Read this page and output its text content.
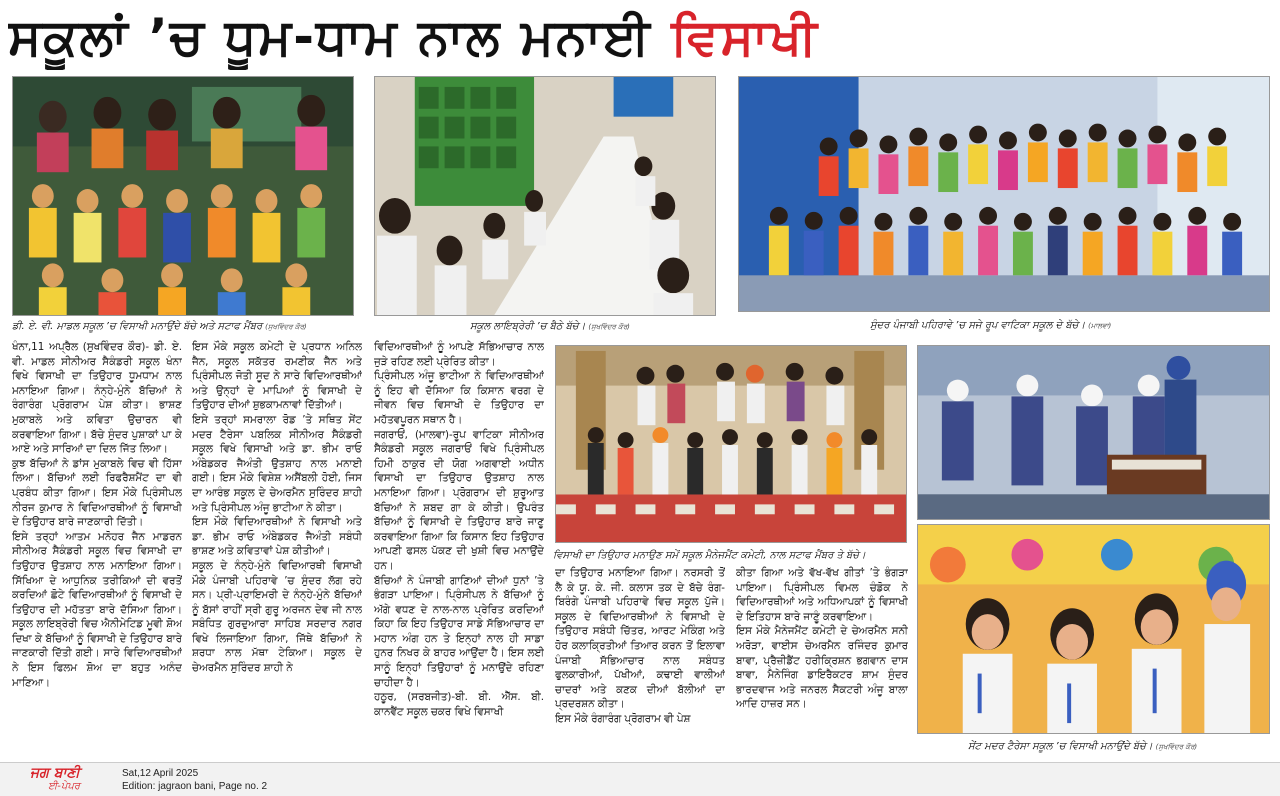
ਸਕੂਲਾਂ ’ਚ ਧੂਮ-ਧਾਮ ਨਾਲ ਮਨਾਈ ਵਿਸਾਖੀ
ਡੀ. ਏ. ਵੀ. ਮਾਡਲ ਸਕੂਲ ’ਚ ਵਿਸਾਖੀ ਮਨਾਉਂਦੇ ਬੱਚੇ ਅਤੇ ਸਟਾਫ ਮੈਂਬਰ (ਸੁਖਵਿੰਦਰ ਕੌਰ)	ਸਕੂਲ ਲਾਇਬ੍ਰੇਰੀ ’ਚ ਬੈਠੇ ਬੱਚੇ। (ਸੁਖਵਿੰਦਰ ਕੌਰ)	ਸੁੰਦਰ ਪੰਜਾਬੀ ਪਹਿਰਾਵੇ ’ਚ ਸਜੇ ਰੂਪ ਵਾਟਿਕਾ ਸਕੂਲ ਦੇ ਬੱਚੇ। (ਮਾਲਵਾ)
ਵਿਸਾਖੀ ਦਾ ਤਿਉਹਾਰ ਮਨਾਉਣ ਸਮੇਂ ਸਕੂਲ ਮੈਨੇਜਮੈਂਟ ਕਮੇਟੀ, ਨਾਲ ਸਟਾਫ ਮੈਂਬਰ ਤੇ ਬੱਚੇ।
ਸੇਂਟ ਮਦਰ ਟੈਰੇਸਾ ਸਕੂਲ ’ਚ ਵਿਸਾਖੀ ਮਨਾਉਂਦੇ ਬੱਚੇ। (ਸੁਖਵਿੰਦਰ ਕੌਰ)

ਖੰਨਾ,11 ਅਪ੍ਰੈਲ (ਸੁਖਵਿੰਦਰ ਕੌਰ)- ਡੀ. ਏ. ਵੀ. ਮਾਡਲ ਸੀਨੀਅਰ ਸੈਕੰਡਰੀ ਸਕੂਲ ਖੰਨਾ ਵਿਖੇ ਵਿਸਾਖੀ ਦਾ ਤਿਉਹਾਰ ਧੂਮਧਾਮ ਨਾਲ ਮਨਾਇਆ ਗਿਆ। ਨੰਨ੍ਹੇ-ਮੁੰਨੇ ਬੱਚਿਆਂ ਨੇ ਰੰਗਾਰੰਗ ਪ੍ਰੋਗਰਾਮ ਪੇਸ਼ ਕੀਤਾ। ਭਾਸ਼ਣ ਮੁਕਾਬਲੇ ਅਤੇ ਕਵਿਤਾ ਉਚਾਰਨ ਵੀ ਕਰਵਾਇਆ ਗਿਆ। ਬੱਚੇ ਸੁੰਦਰ ਪੁਸ਼ਾਕਾਂ ਪਾ ਕੇ ਆਏ ਅਤੇ ਸਾਰਿਆਂ ਦਾ ਦਿਲ ਜਿੱਤ ਲਿਆ।

ਕੁਝ ਬੱਚਿਆਂ ਨੇ ਡਾਂਸ ਮੁਕਾਬਲੇ ਵਿਚ ਵੀ ਹਿੱਸਾ ਲਿਆ। ਬੱਚਿਆਂ ਲਈ ਰਿਫਰੈਸ਼ਮੈਂਟ ਦਾ ਵੀ ਪ੍ਰਬੰਧ ਕੀਤਾ ਗਿਆ। ਇਸ ਮੌਕੇ ਪ੍ਰਿੰਸੀਪਲ ਨੀਰਜ ਕੁਮਾਰ ਨੇ ਵਿਦਿਆਰਥੀਆਂ ਨੂੰ ਵਿਸਾਖੀ ਦੇ ਤਿਉਹਾਰ ਬਾਰੇ ਜਾਣਕਾਰੀ ਦਿੱਤੀ।

ਇਸੇ ਤਰ੍ਹਾਂ ਆਤਮ ਮਨੋਹਰ ਜੈਨ ਮਾਡਰਨ ਸੀਨੀਅਰ ਸੈਕੰਡਰੀ ਸਕੂਲ ਵਿਚ ਵਿਸਾਖੀ ਦਾ ਤਿਉਹਾਰ ਉਤਸ਼ਾਹ ਨਾਲ ਮਨਾਇਆ ਗਿਆ। ਸਿੱਖਿਆ ਦੇ ਆਧੁਨਿਕ ਤਰੀਕਿਆਂ ਦੀ ਵਰਤੋਂ ਕਰਦਿਆਂ ਛੋਟੇ ਵਿਦਿਆਰਥੀਆਂ ਨੂੰ ਵਿਸਾਖੀ ਦੇ ਤਿਉਹਾਰ ਦੀ ਮਹੱਤਤਾ ਬਾਰੇ ਦੱਸਿਆ ਗਿਆ। ਸਕੂਲ ਲਾਇਬ੍ਰੇਰੀ ਵਿਚ ਐਨੀਮੇਟਿਡ ਮੂਵੀ ਸ਼ੋਅ ਦਿਖਾ ਕੇ ਬੱਚਿਆਂ ਨੂੰ ਵਿਸਾਖੀ ਦੇ ਤਿਉਹਾਰ ਬਾਰੇ ਜਾਣਕਾਰੀ ਦਿੱਤੀ ਗਈ। ਸਾਰੇ ਵਿਦਿਆਰਥੀਆਂ ਨੇ ਇਸ ਫਿਲਮ ਸ਼ੋਅ ਦਾ ਬਹੁਤ ਅਨੰਦ ਮਾਣਿਆ।

ਇਸ ਮੌਕੇ ਸਕੂਲ ਕਮੇਟੀ ਦੇ ਪ੍ਰਧਾਨ ਅਨਿਲ ਜੈਨ, ਸਕੂਲ ਸਕੱਤਰ ਰਮਣੀਕ ਜੈਨ ਅਤੇ ਪ੍ਰਿੰਸੀਪਲ ਜੋਤੀ ਸੂਦ ਨੇ ਸਾਰੇ ਵਿਦਿਆਰਥੀਆਂ ਅਤੇ ਉਨ੍ਹਾਂ ਦੇ ਮਾਪਿਆਂ ਨੂੰ ਵਿਸਾਖੀ ਦੇ ਤਿਉਹਾਰ ਦੀਆਂ ਸ਼ੁਭਕਾਮਨਾਵਾਂ ਦਿੱਤੀਆਂ।

ਇਸੇ ਤਰ੍ਹਾਂ ਸਮਰਾਲਾ ਰੋਡ ’ਤੇ ਸਥਿਤ ਸੇਂਟ ਮਦਰ ਟੈਰੇਸਾ ਪਬਲਿਕ ਸੀਨੀਅਰ ਸੈਕੰਡਰੀ ਸਕੂਲ ਵਿਖੇ ਵਿਸਾਖੀ ਅਤੇ ਡਾ. ਭੀਮ ਰਾਓ ਅੰਬੇਡਕਰ ਜੈਅੰਤੀ ਉਤਸ਼ਾਹ ਨਾਲ ਮਨਾਈ ਗਈ। ਇਸ ਮੌਕੇ ਵਿਸ਼ੇਸ਼ ਅਸੈਂਬਲੀ ਹੋਈ, ਜਿਸ ਦਾ ਆਰੰਭ ਸਕੂਲ ਦੇ ਚੇਅਰਮੈਨ ਸੁਰਿੰਦਰ ਸ਼ਾਹੀ ਅਤੇ ਪ੍ਰਿੰਸੀਪਲ ਅੰਜੂ ਭਾਟੀਆ ਨੇ ਕੀਤਾ।

ਇਸ ਮੌਕੇ ਵਿਦਿਆਰਥੀਆਂ ਨੇ ਵਿਸਾਖੀ ਅਤੇ ਡਾ. ਭੀਮ ਰਾਓ ਅੰਬੇਡਕਰ ਜੈਅੰਤੀ ਸਬੰਧੀ ਭਾਸ਼ਣ ਅਤੇ ਕਵਿਤਾਵਾਂ ਪੇਸ਼ ਕੀਤੀਆਂ।

ਸਕੂਲ ਦੇ ਨੰਨ੍ਹੇ-ਮੁੰਨੇ ਵਿਦਿਆਰਥੀ ਵਿਸਾਖੀ ਮੌਕੇ ਪੰਜਾਬੀ ਪਹਿਰਾਵੇ ’ਚ ਸੁੰਦਰ ਲੱਗ ਰਹੇ ਸਨ। ਪ੍ਰੀ-ਪ੍ਰਾਇਮਰੀ ਦੇ ਨੰਨ੍ਹੇ-ਮੁੰਨੇ ਬੱਚਿਆਂ ਨੂੰ ਬੱਸਾਂ ਰਾਹੀਂ ਸ੍ਰੀ ਗੁਰੂ ਅਰਜਨ ਦੇਵ ਜੀ ਨਾਲ ਸਬੰਧਿਤ ਗੁਰਦੁਆਰਾ ਸਾਹਿਬ ਸਰਦਾਰ ਨਗਰ ਵਿਖੇ ਲਿਜਾਇਆ ਗਿਆ, ਜਿੱਥੇ ਬੱਚਿਆਂ ਨੇ ਸ਼ਰਧਾ ਨਾਲ ਮੱਥਾ ਟੇਕਿਆ। ਸਕੂਲ ਦੇ ਚੇਅਰਮੈਨ ਸੁਰਿੰਦਰ ਸ਼ਾਹੀ ਨੇ

ਵਿਦਿਆਰਥੀਆਂ ਨੂੰ ਆਪਣੇ ਸੱਭਿਆਚਾਰ ਨਾਲ ਜੁੜੇ ਰਹਿਣ ਲਈ ਪ੍ਰੇਰਿਤ ਕੀਤਾ।

ਪ੍ਰਿੰਸੀਪਲ ਅੰਜੂ ਭਾਟੀਆ ਨੇ ਵਿਦਿਆਰਥੀਆਂ ਨੂੰ ਇਹ ਵੀ ਦੱਸਿਆ ਕਿ ਕਿਸਾਨ ਵਰਗ ਦੇ ਜੀਵਨ ਵਿਚ ਵਿਸਾਖੀ ਦੇ ਤਿਉਹਾਰ ਦਾ ਮਹੱਤਵਪੂਰਨ ਸਥਾਨ ਹੈ।

ਜਗਰਾਓਂ, (ਮਾਲਵਾ)-ਰੂਪ ਵਾਟਿਕਾ ਸੀਨੀਅਰ ਸੈਕੰਡਰੀ ਸਕੂਲ ਜਗਰਾਓਂ ਵਿਖੇ ਪ੍ਰਿੰਸੀਪਲ ਹਿਮੀ ਠਾਕੁਰ ਦੀ ਯੋਗ ਅਗਵਾਈ ਅਧੀਨ ਵਿਸਾਖੀ ਦਾ ਤਿਉਹਾਰ ਉਤਸ਼ਾਹ ਨਾਲ ਮਨਾਇਆ ਗਿਆ। ਪ੍ਰੋਗਰਾਮ ਦੀ ਸ਼ੁਰੂਆਤ ਬੱਚਿਆਂ ਨੇ ਸ਼ਬਦ ਗਾ ਕੇ ਕੀਤੀ। ਉਪਰੰਤ ਬੱਚਿਆਂ ਨੂੰ ਵਿਸਾਖੀ ਦੇ ਤਿਉਹਾਰ ਬਾਰੇ ਜਾਣੂ ਕਰਵਾਇਆ ਗਿਆ ਕਿ ਕਿਸਾਨ ਇਹ ਤਿਉਹਾਰ ਆਪਣੀ ਫਸਲ ਪੱਕਣ ਦੀ ਖੁਸ਼ੀ ਵਿਚ ਮਨਾਉਂਦੇ ਹਨ।

ਬੱਚਿਆਂ ਨੇ ਪੰਜਾਬੀ ਗਾਣਿਆਂ ਦੀਆਂ ਧੁਨਾਂ ’ਤੇ ਭੰਗੜਾ ਪਾਇਆ। ਪ੍ਰਿੰਸੀਪਲ ਨੇ ਬੱਚਿਆਂ ਨੂੰ ਅੱਗੇ ਵਧਣ ਦੇ ਨਾਲ-ਨਾਲ ਪ੍ਰੇਰਿਤ ਕਰਦਿਆਂ ਕਿਹਾ ਕਿ ਇਹ ਤਿਉਹਾਰ ਸਾਡੇ ਸੱਭਿਆਚਾਰ ਦਾ ਮਹਾਨ ਅੰਗ ਹਨ ਤੇ ਇਨ੍ਹਾਂ ਨਾਲ ਹੀ ਸਾਡਾ ਹੁਨਰ ਨਿਖਰ ਕੇ ਬਾਹਰ ਆਉਂਦਾ ਹੈ। ਇਸ ਲਈ ਸਾਨੂੰ ਇਨ੍ਹਾਂ ਤਿਉਹਾਰਾਂ ਨੂੰ ਮਨਾਉਂਦੇ ਰਹਿਣਾ ਚਾਹੀਦਾ ਹੈ।

ਹਠੂਰ, (ਸਰਬਜੀਤ)-ਬੀ. ਬੀ. ਐੱਸ. ਬੀ. ਕਾਨਵੈਂਟ ਸਕੂਲ ਚਕਰ ਵਿਖੇ ਵਿਸਾਖੀ

ਦਾ ਤਿਉਹਾਰ ਮਨਾਇਆ ਗਿਆ। ਨਰਸਰੀ ਤੋਂ ਲੈ ਕੇ ਯੂ. ਕੇ. ਜੀ. ਕਲਾਸ ਤਕ ਦੇ ਬੱਚੇ ਰੰਗ-ਬਿਰੰਗੇ ਪੰਜਾਬੀ ਪਹਿਰਾਵੇ ਵਿਚ ਸਕੂਲ ਪੁੱਜੇ। ਸਕੂਲ ਦੇ ਵਿਦਿਆਰਥੀਆਂ ਨੇ ਵਿਸਾਖੀ ਦੇ ਤਿਉਹਾਰ ਸਬੰਧੀ ਚਿੱਤਰ, ਆਰਟ ਮੇਕਿੰਗ ਅਤੇ ਹੋਰ ਕਲਾਕ੍ਰਿਤੀਆਂ ਤਿਆਰ ਕਰਨ ਤੋਂ ਇਲਾਵਾ ਪੰਜਾਬੀ ਸੱਭਿਆਚਾਰ ਨਾਲ ਸਬੰਧਤ ਫੁਲਕਾਰੀਆਂ, ਪੱਖੀਆਂ, ਕਢਾਈ ਵਾਲੀਆਂ ਚਾਦਰਾਂ ਅਤੇ ਕਣਕ ਦੀਆਂ ਬੱਲੀਆਂ ਦਾ ਪ੍ਰਦਰਸ਼ਨ ਕੀਤਾ।

ਇਸ ਮੌਕੇ ਰੰਗਾਰੰਗ ਪ੍ਰੋਗਰਾਮ ਵੀ ਪੇਸ਼

ਕੀਤਾ ਗਿਆ ਅਤੇ ਵੱਖ-ਵੱਖ ਗੀਤਾਂ ’ਤੇ ਭੰਗੜਾ ਪਾਇਆ। ਪ੍ਰਿੰਸੀਪਲ ਵਿਮਲ ਚੰਡੋਕ ਨੇ ਵਿਦਿਆਰਥੀਆਂ ਅਤੇ ਅਧਿਆਪਕਾਂ ਨੂੰ ਵਿਸਾਖੀ ਦੇ ਇਤਿਹਾਸ ਬਾਰੇ ਜਾਣੂੰ ਕਰਵਾਇਆ।

ਇਸ ਮੌਕੇ ਮੈਨੇਜਮੈਂਟ ਕਮੇਟੀ ਦੇ ਚੇਅਰਮੈਨ ਸਨੀ ਅਰੋੜਾ, ਵਾਈਸ ਚੇਅਰਮੈਨ ਰਜਿੰਦਰ ਕੁਮਾਰ ਬਾਵਾ, ਪ੍ਰੈਜ਼ੀਡੈਂਟ ਹਰੀਕ੍ਰਿਸ਼ਨ ਭਗਵਾਨ ਦਾਸ ਬਾਵਾ, ਮੈਨੇਜਿੰਗ ਡਾਇਰੈਕਟਰ ਸ਼ਾਮ ਸੁੰਦਰ ਭਾਰਦਵਾਜ ਅਤੇ ਜਨਰਲ ਸੈਕਟਰੀ ਅੰਜੂ ਬਾਲਾ ਆਦਿ ਹਾਜ਼ਰ ਸਨ।

ਜਗ ਬਾਣੀ
ਈ-ਪੇਪਰ
Sat,12 April 2025
Edition: jagraon bani, Page no. 2
